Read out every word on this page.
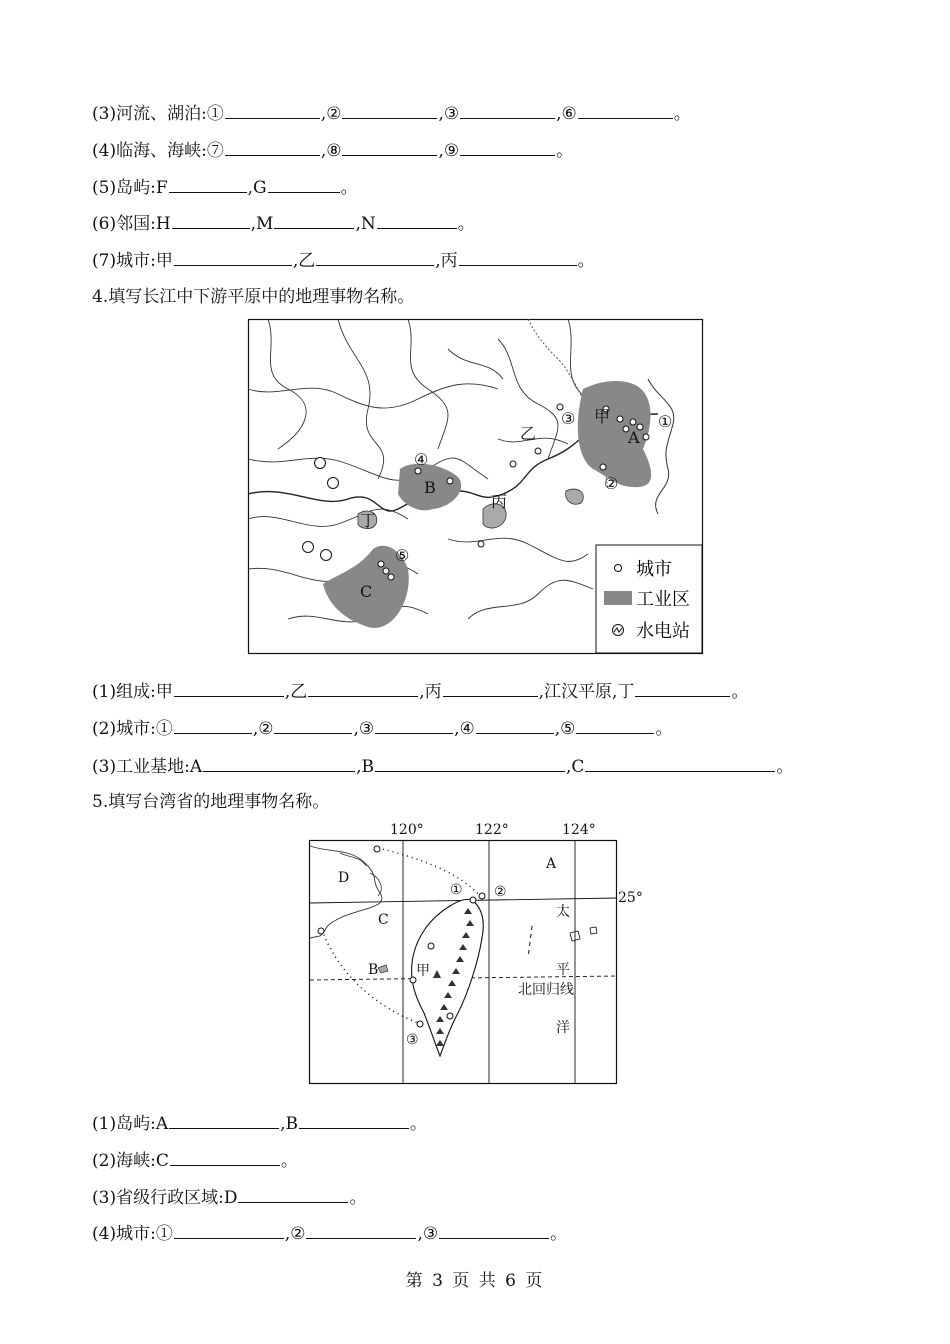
(3)河流、湖泊:①	,②	,③	,⑥	。
(4)临海、海峡:⑦	,⑧	,⑨	。
(5)岛屿:F	,G	。
(6)邻国:H	,M	,N	。
(7)城市:甲	,乙	,丙	。
4.填写长江中下游平原中的地理事物名称。
乙
甲
丙
丁
A
B
C
①
②
③
④
⑤
城市
工业区
水电站
(1)组成:甲	,乙	,丙	,江汉平原,丁	。
(2)城市:①	,②	,③	,④	,⑤	。
(3)工业基地:A	,B	,C	。
5.填写台湾省的地理事物名称。
120°	122°	124°
25°
A
B
C
D
甲
① ②
③
太
平
洋
北回归线
(1)岛屿:A	,B	。
(2)海峡:C	。
(3)省级行政区域:D	。
(4)城市:①	,②	,③	。
第 3 页 共 6 页
